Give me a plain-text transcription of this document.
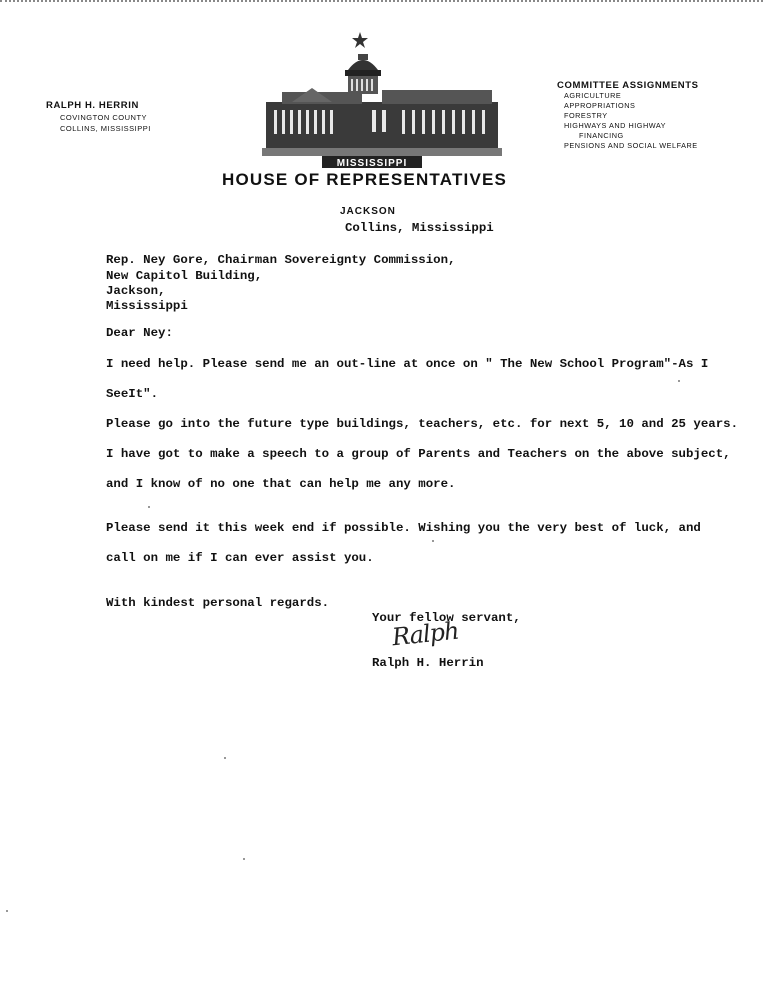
RALPH H. HERRIN
COVINGTON COUNTY
COLLINS, MISSISSIPPI
MISSISSIPPI
HOUSE OF REPRESENTATIVES
JACKSON
COMMITTEE ASSIGNMENTS
AGRICULTURE
APPROPRIATIONS
FORESTRY
HIGHWAYS AND HIGHWAY
FINANCING
PENSIONS AND SOCIAL WELFARE
Collins, Mississippi
Rep. Ney Gore, Chairman Sovereignty Commission,
New Capitol Building,
Jackson,
Mississippi
Dear Ney:
I need help. Please send me an out-line at once on " The New School Program"-As I
SeeIt".
Please go into the future type buildings, teachers, etc. for next 5, 10 and 25 years.
I have got to make a speech to a group of Parents and Teachers on the above subject,
and I know of no one that can help me any more.
Please send it this week end if possible. Wishing you the very best of luck, and
call on me if I can ever assist you.
With kindest personal regards.
Your fellow servant,
Ralph
Ralph H. Herrin
